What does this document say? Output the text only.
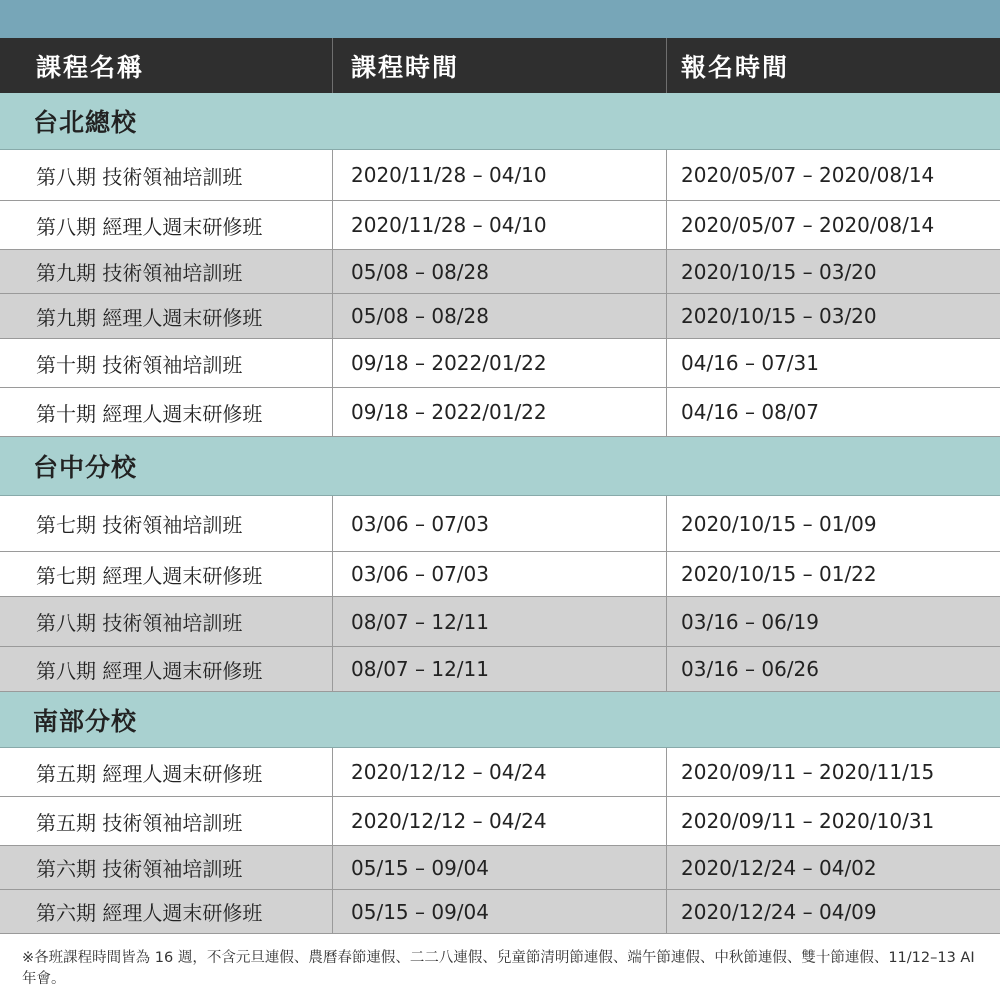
課程名稱	課程時間	報名時間
台北總校
第八期 技術領袖培訓班	2020/11/28 – 04/10	2020/05/07 – 2020/08/14
第八期 經理人週末研修班	2020/11/28 – 04/10	2020/05/07 – 2020/08/14
第九期 技術領袖培訓班	05/08 – 08/28	2020/10/15 – 03/20
第九期 經理人週末研修班	05/08 – 08/28	2020/10/15 – 03/20
第十期 技術領袖培訓班	09/18 – 2022/01/22	04/16 – 07/31
第十期 經理人週末研修班	09/18 – 2022/01/22	04/16 – 08/07
台中分校
第七期 技術領袖培訓班	03/06 – 07/03	2020/10/15 – 01/09
第七期 經理人週末研修班	03/06 – 07/03	2020/10/15 – 01/22
第八期 技術領袖培訓班	08/07 – 12/11	03/16 – 06/19
第八期 經理人週末研修班	08/07 – 12/11	03/16 – 06/26
南部分校
第五期 經理人週末研修班	2020/12/12 – 04/24	2020/09/11 – 2020/11/15
第五期 技術領袖培訓班	2020/12/12 – 04/24	2020/09/11 – 2020/10/31
第六期 技術領袖培訓班	05/15 – 09/04	2020/12/24 – 04/02
第六期 經理人週末研修班	05/15 – 09/04	2020/12/24 – 04/09
※各班課程時間皆為 16 週，不含元旦連假、農曆春節連假、二二八連假、兒童節清明節連假、端午節連假、中秋節連假、雙十節連假、11/12–13 AI 年會。
